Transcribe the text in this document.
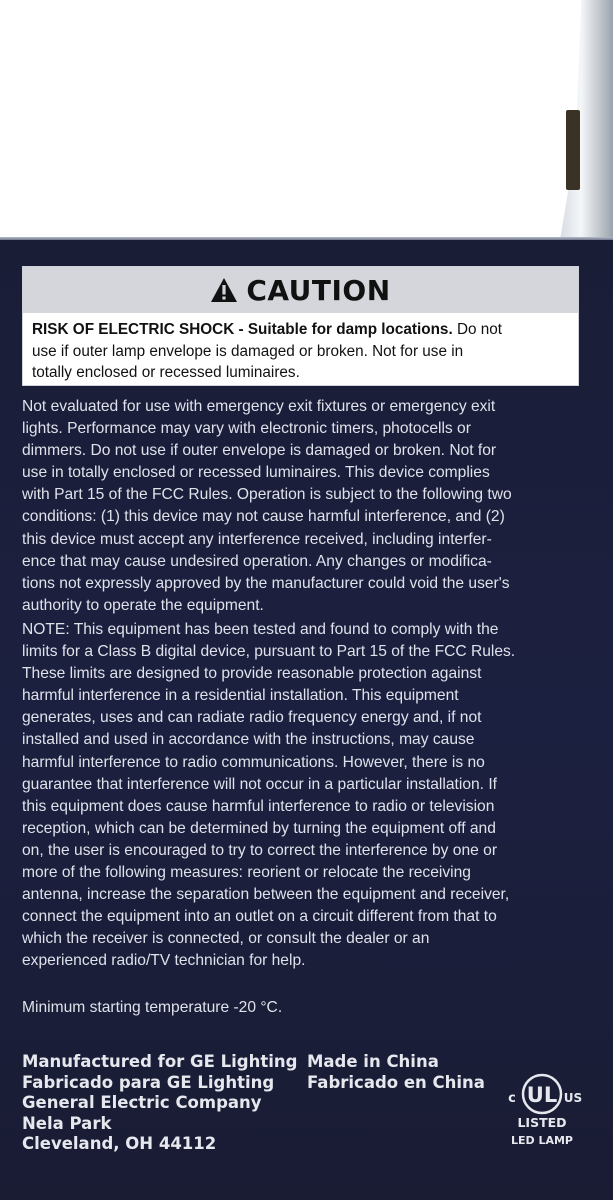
CAUTION
RISK OF ELECTRIC SHOCK - Suitable for damp locations. Do not
use if outer lamp envelope is damaged or broken. Not for use in
totally enclosed or recessed luminaires.
Not evaluated for use with emergency exit fixtures or emergency exit
lights. Performance may vary with electronic timers, photocells or
dimmers. Do not use if outer envelope is damaged or broken. Not for
use in totally enclosed or recessed luminaires. This device complies
with Part 15 of the FCC Rules. Operation is subject to the following two
conditions: (1) this device may not cause harmful interference, and (2)
this device must accept any interference received, including interfer-
ence that may cause undesired operation. Any changes or modifica-
tions not expressly approved by the manufacturer could void the user's
authority to operate the equipment.
NOTE: This equipment has been tested and found to comply with the
limits for a Class B digital device, pursuant to Part 15 of the FCC Rules.
These limits are designed to provide reasonable protection against
harmful interference in a residential installation. This equipment
generates, uses and can radiate radio frequency energy and, if not
installed and used in accordance with the instructions, may cause
harmful interference to radio communications. However, there is no
guarantee that interference will not occur in a particular installation. If
this equipment does cause harmful interference to radio or television
reception, which can be determined by turning the equipment off and
on, the user is encouraged to try to correct the interference by one or
more of the following measures: reorient or relocate the receiving
antenna, increase the separation between the equipment and receiver,
connect the equipment into an outlet on a circuit different from that to
which the receiver is connected, or consult the dealer or an
experienced radio/TV technician for help.
Minimum starting temperature -20 °C.
Manufactured for GE Lighting
Fabricado para GE Lighting
General Electric Company
Nela Park
Cleveland, OH 44112
Made in China
Fabricado en China
UL
c	US
LISTED
LED LAMP
